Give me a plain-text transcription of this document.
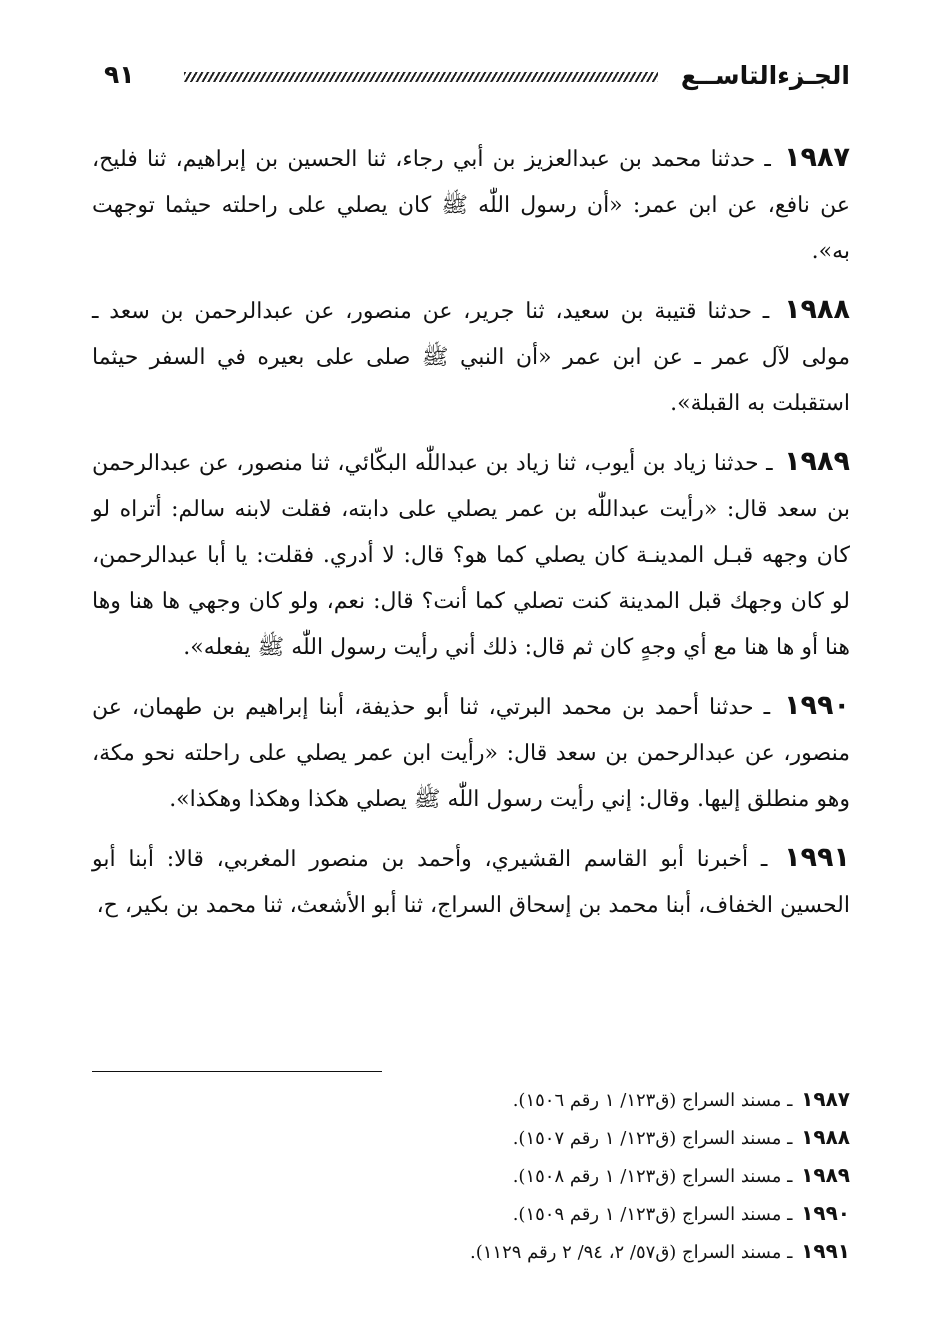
الجـزءالتاســع
٩١

١٩٨٧ ـ حدثنا محمد بن عبدالعزيز بن أبي رجاء، ثنا الحسين بن إبراهيم، ثنا فليح، عن نافع، عن ابن عمر: «أن رسول اللّٰه ﷺ كان يصلي على راحلته حيثما توجهت به».

١٩٨٨ ـ حدثنا قتيبة بن سعيد، ثنا جرير، عن منصور، عن عبدالرحمن بن سعد ـ مولى لآل عمر ـ عن ابن عمر «أن النبي ﷺ صلى على بعيره في السفر حيثما استقبلت به القبلة».

١٩٨٩ ـ حدثنا زياد بن أيوب، ثنا زياد بن عبداللّٰه البكّائي، ثنا منصور، عن عبدالرحمن بن سعد قال: «رأيت عبداللّٰه بن عمر يصلي على دابته، فقلت لابنه سالم: أتراه لو كان وجهه قبـل المدينـة كان يصلي كما هو؟ قال: لا أدري. فقلت: يا أبا عبدالرحمن، لو كان وجهك قبل المدينة كنت تصلي كما أنت؟ قال: نعم، ولو كان وجهي ها هنا وها هنا أو ها هنا مع أي وجهٍ كان ثم قال: ذلك أني رأيت رسول اللّٰه ﷺ يفعله».

١٩٩٠ ـ حدثنا أحمد بن محمد البرتي، ثنا أبو حذيفة، أبنا إبراهيم بن طهمان، عن منصور، عن عبدالرحمن بن سعد قال: «رأيت ابن عمر يصلي على راحلته نحو مكة، وهو منطلق إليها. وقال: إني رأيت رسول اللّٰه ﷺ يصلي هكذا وهكذا وهكذا».

١٩٩١ ـ أخبرنا أبو القاسم القشيري، وأحمد بن منصور المغربي، قالا: أبنا أبو الحسين الخفاف، أبنا محمد بن إسحاق السراج، ثنا أبو الأشعث، ثنا محمد بن بكير، ح،

١٩٨٧ ـ مسند السراج (ق١٢٣/ ١ رقم ١٥٠٦).
١٩٨٨ ـ مسند السراج (ق١٢٣/ ١ رقم ١٥٠٧).
١٩٨٩ ـ مسند السراج (ق١٢٣/ ١ رقم ١٥٠٨).
١٩٩٠ ـ مسند السراج (ق١٢٣/ ١ رقم ١٥٠٩).
١٩٩١ ـ مسند السراج (ق٥٧/ ٢، ٩٤/ ٢ رقم ١١٢٩).
